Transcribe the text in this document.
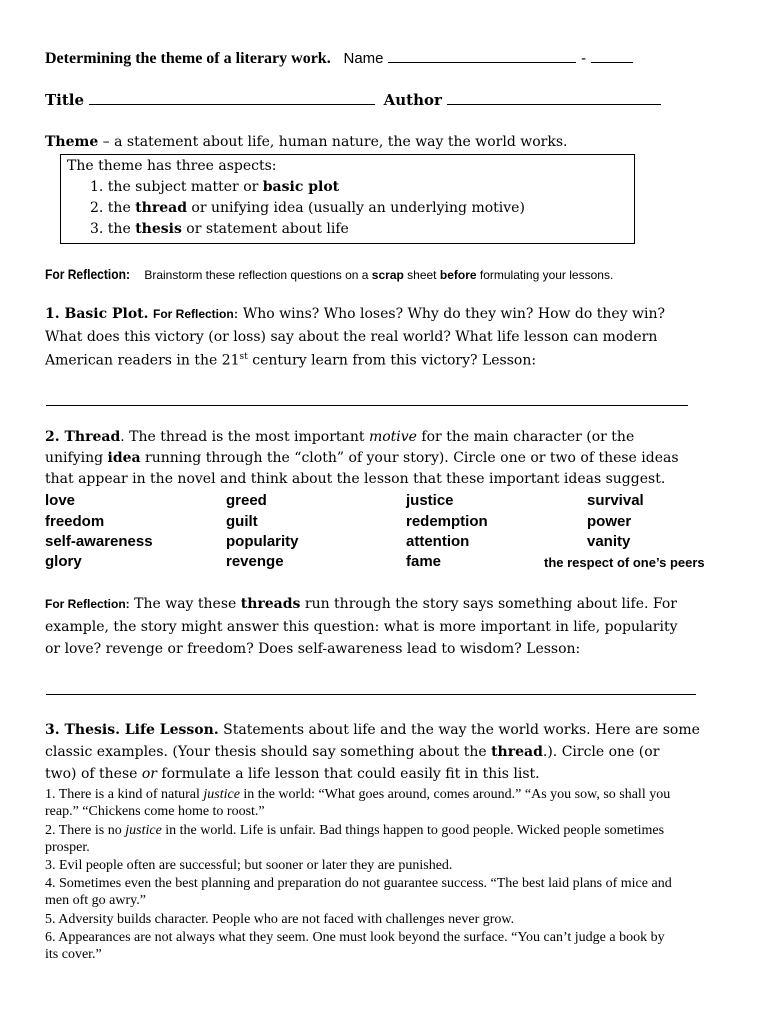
Determining the theme of a literary work. Name	-
Title	Author
Theme – a statement about life, human nature, the way the world works.
The theme has three aspects:
1. the subject matter or basic plot
2. the thread or unifying idea (usually an underlying motive)
3. the thesis or statement about life
For Reflection: Brainstorm these reflection questions on a scrap sheet before formulating your lessons.
1. Basic Plot. For Reflection: Who wins? Who loses? Why do they win? How do they win?
What does this victory (or loss) say about the real world? What life lesson can modern
American readers in the 21st century learn from this victory? Lesson:
2. Thread. The thread is the most important motive for the main character (or the
unifying idea running through the “cloth” of your story). Circle one or two of these ideas
that appear in the novel and think about the lesson that these important ideas suggest.
love	greed	justice	survival
freedom	guilt	redemption	power
self-awareness	popularity	attention	vanity
glory	revenge	fame	the respect of one’s peers
For Reflection: The way these threads run through the story says something about life. For
example, the story might answer this question: what is more important in life, popularity
or love? revenge or freedom? Does self-awareness lead to wisdom? Lesson:
3. Thesis. Life Lesson. Statements about life and the way the world works. Here are some
classic examples. (Your thesis should say something about the thread.). Circle one (or
two) of these or formulate a life lesson that could easily fit in this list.
1. There is a kind of natural justice in the world: “What goes around, comes around.” “As you sow, so shall you
reap.” “Chickens come home to roost.”
2. There is no justice in the world. Life is unfair. Bad things happen to good people. Wicked people sometimes
prosper.
3. Evil people often are successful; but sooner or later they are punished.
4. Sometimes even the best planning and preparation do not guarantee success. “The best laid plans of mice and
men oft go awry.”
5. Adversity builds character. People who are not faced with challenges never grow.
6. Appearances are not always what they seem. One must look beyond the surface. “You can’t judge a book by
its cover.”
